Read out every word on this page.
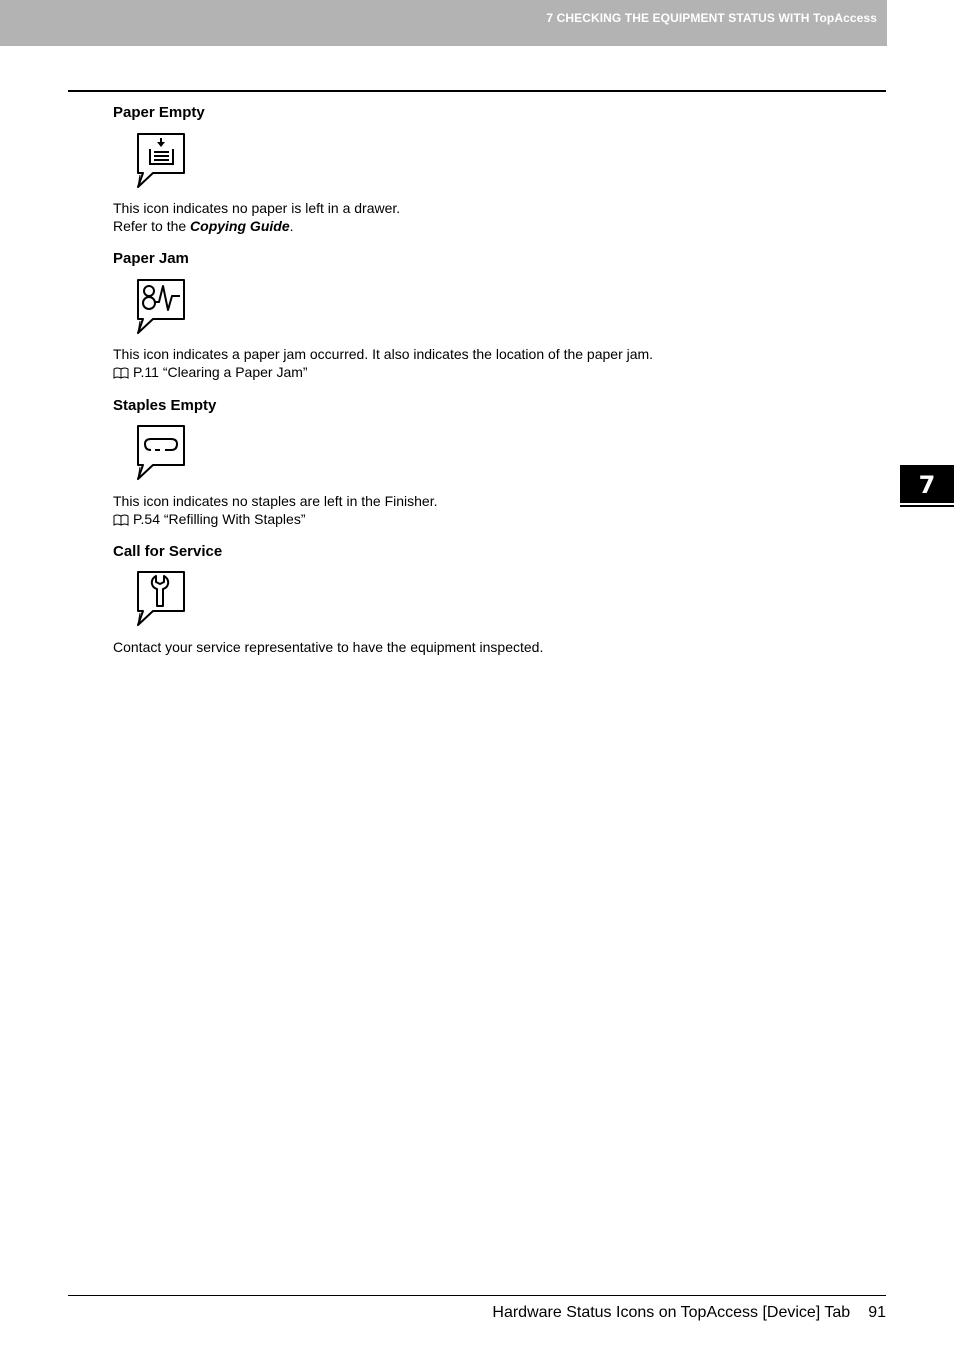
7 CHECKING THE EQUIPMENT STATUS WITH TopAccess
Paper Empty

This icon indicates no paper is left in a drawer.

Refer to the Copying Guide.

Paper Jam

This icon indicates a paper jam occurred. It also indicates the location of the paper jam.

P.11 “Clearing a Paper Jam”

Staples Empty

This icon indicates no staples are left in the Finisher.

P.54 “Refilling With Staples”

Call for Service

Contact your service representative to have the equipment inspected.

7
Hardware Status Icons on TopAccess [Device] Tab 91
